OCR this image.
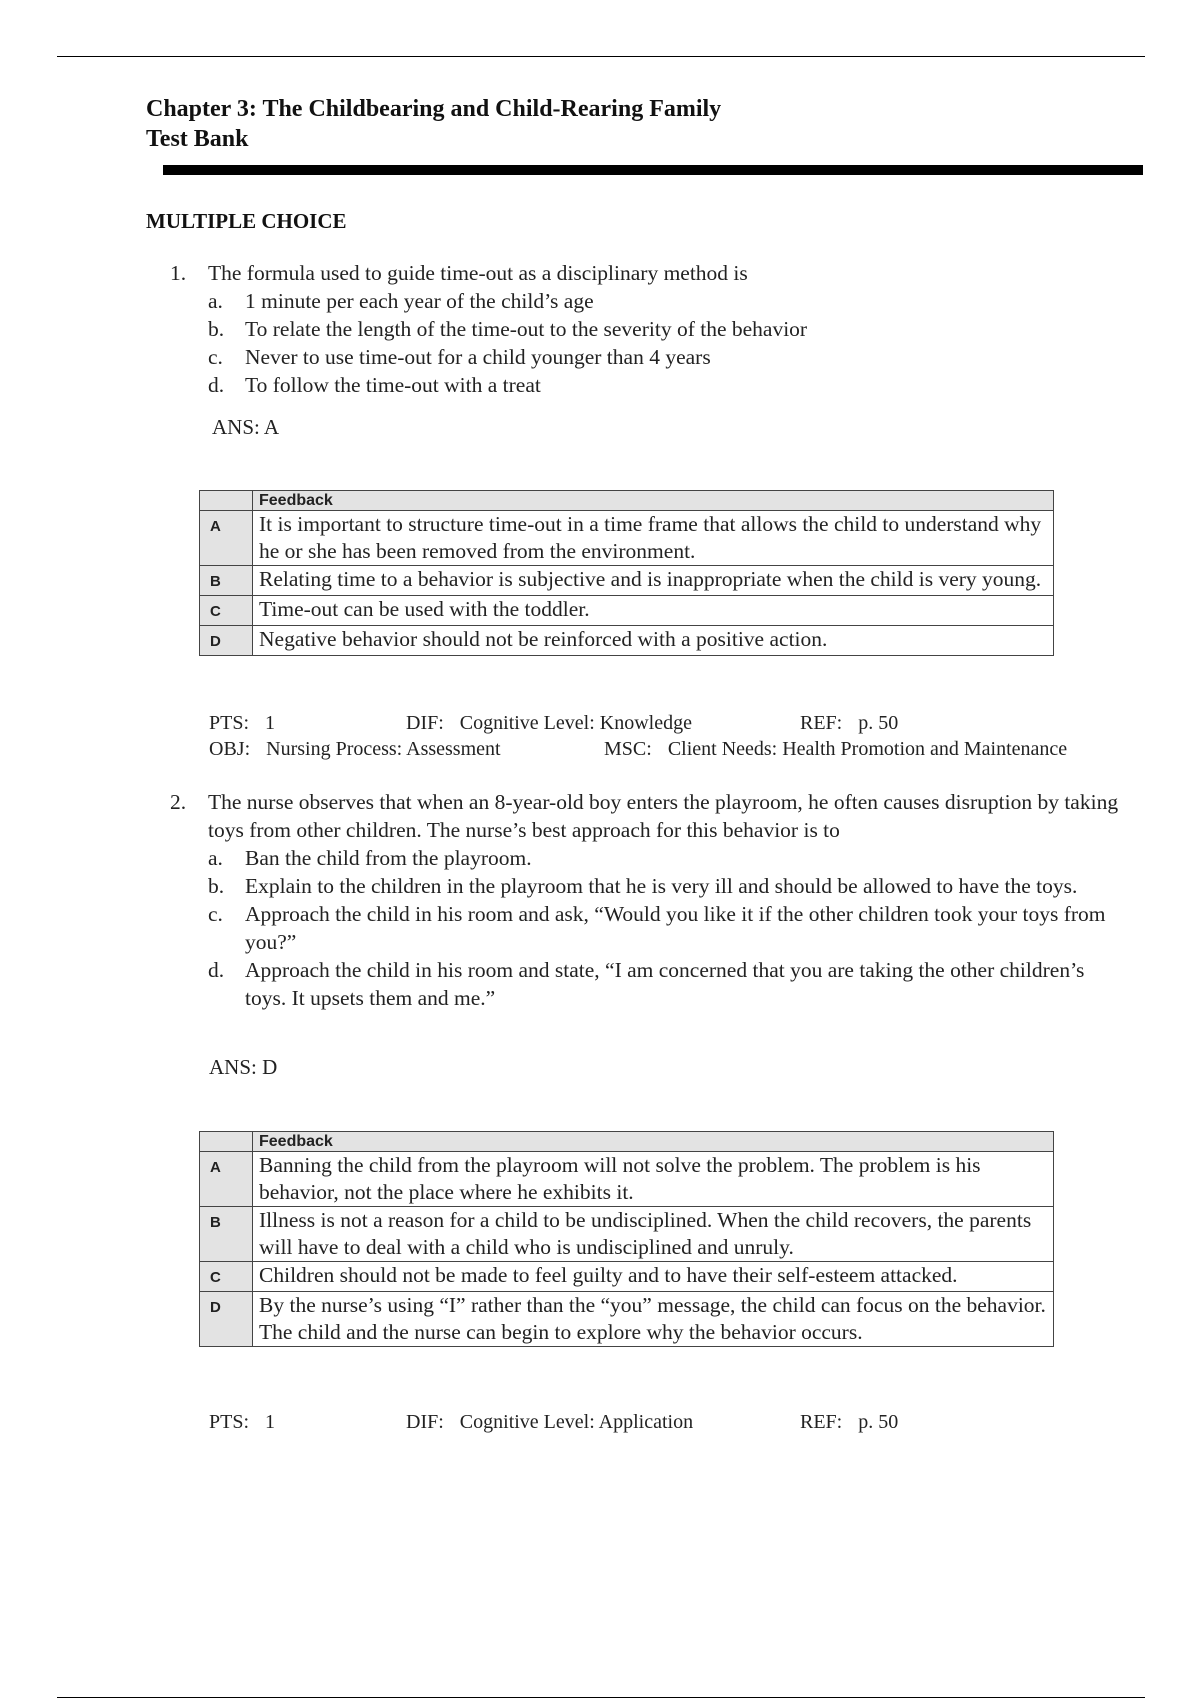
Chapter 3: The Childbearing and Child-Rearing Family
Test Bank
MULTIPLE CHOICE
1.	The formula used to guide time-out as a disciplinary method is
a.	1 minute per each year of the child’s age
b. To relate the length of the time-out to the severity of the behavior
c.	Never to use time-out for a child younger than 4 years
d. To follow the time-out with a treat
ANS: A
	Feedback
A	It is important to structure time-out in a time frame that allows the child to understand why he or she has been removed from the environment.
B	Relating time to a behavior is subjective and is inappropriate when the child is very young.
C	Time-out can be used with the toddler.
D	Negative behavior should not be reinforced with a positive action.
PTS: 1	DIF: Cognitive Level: Knowledge	REF: p. 50
OBJ: Nursing Process: Assessment	MSC: Client Needs: Health Promotion and Maintenance
2.	The nurse observes that when an 8-year-old boy enters the playroom, he often causes disruption by taking toys from other children. The nurse’s best approach for this behavior is to
a.	Ban the child from the playroom.
b. Explain to the children in the playroom that he is very ill and should be allowed to have the toys.
c.	Approach the child in his room and ask, “Would you like it if the other children took your toys from you?”
d. Approach the child in his room and state, “I am concerned that you are taking the other children’s toys. It upsets them and me.”
ANS: D
	Feedback
A	Banning the child from the playroom will not solve the problem. The problem is his behavior, not the place where he exhibits it.
B	Illness is not a reason for a child to be undisciplined. When the child recovers, the parents will have to deal with a child who is undisciplined and unruly.
C	Children should not be made to feel guilty and to have their self-esteem attacked.
D	By the nurse’s using “I” rather than the “you” message, the child can focus on the behavior. The child and the nurse can begin to explore why the behavior occurs.
PTS: 1	DIF: Cognitive Level: Application	REF: p. 50
